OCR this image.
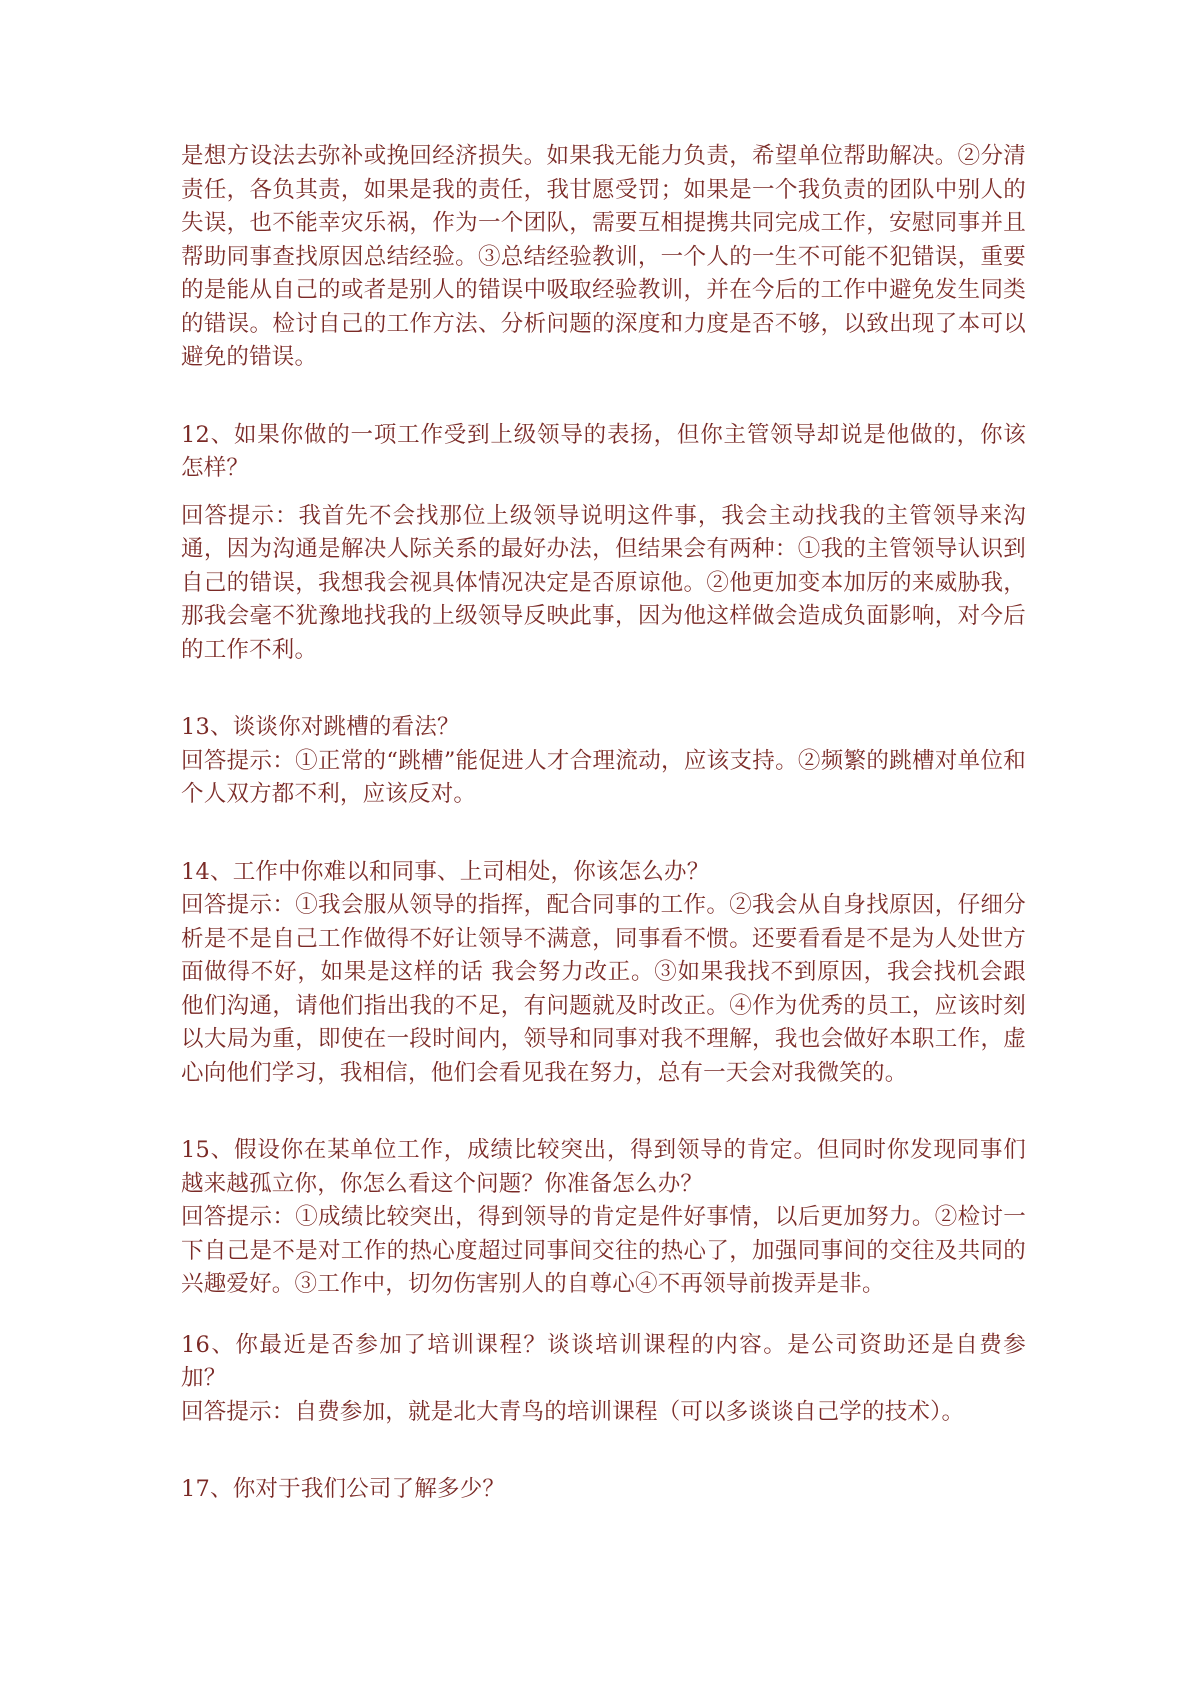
是想方设法去弥补或挽回经济损失。如果我无能力负责，希望单位帮助解决。②分清责任，各负其责，如果是我的责任，我甘愿受罚；如果是一个我负责的团队中别人的失误，也不能幸灾乐祸，作为一个团队，需要互相提携共同完成工作，安慰同事并且帮助同事查找原因总结经验。③总结经验教训，一个人的一生不可能不犯错误，重要的是能从自己的或者是别人的错误中吸取经验教训，并在今后的工作中避免发生同类的错误。检讨自己的工作方法、分析问题的深度和力度是否不够，以致出现了本可以避免的错误。

12、如果你做的一项工作受到上级领导的表扬，但你主管领导却说是他做的，你该怎样？

回答提示：我首先不会找那位上级领导说明这件事，我会主动找我的主管领导来沟通，因为沟通是解决人际关系的最好办法，但结果会有两种：①我的主管领导认识到自己的错误，我想我会视具体情况决定是否原谅他。②他更加变本加厉的来威胁我，那我会毫不犹豫地找我的上级领导反映此事，因为他这样做会造成负面影响，对今后的工作不利。

13、谈谈你对跳槽的看法？

回答提示：①正常的“跳槽”能促进人才合理流动，应该支持。②频繁的跳槽对单位和个人双方都不利，应该反对。

14、工作中你难以和同事、上司相处，你该怎么办？

回答提示：①我会服从领导的指挥，配合同事的工作。②我会从自身找原因，仔细分析是不是自己工作做得不好让领导不满意，同事看不惯。还要看看是不是为人处世方面做得不好，如果是这样的话 我会努力改正。③如果我找不到原因，我会找机会跟他们沟通，请他们指出我的不足，有问题就及时改正。④作为优秀的员工，应该时刻以大局为重，即使在一段时间内，领导和同事对我不理解，我也会做好本职工作，虚心向他们学习，我相信，他们会看见我在努力，总有一天会对我微笑的。

15、假设你在某单位工作，成绩比较突出，得到领导的肯定。但同时你发现同事们越来越孤立你，你怎么看这个问题？你准备怎么办？

回答提示：①成绩比较突出，得到领导的肯定是件好事情，以后更加努力。②检讨一下自己是不是对工作的热心度超过同事间交往的热心了，加强同事间的交往及共同的兴趣爱好。③工作中，切勿伤害别人的自尊心④不再领导前拨弄是非。

16、你最近是否参加了培训课程？谈谈培训课程的内容。是公司资助还是自费参加？

回答提示：自费参加，就是北大青鸟的培训课程（可以多谈谈自己学的技术）。

17、你对于我们公司了解多少？
